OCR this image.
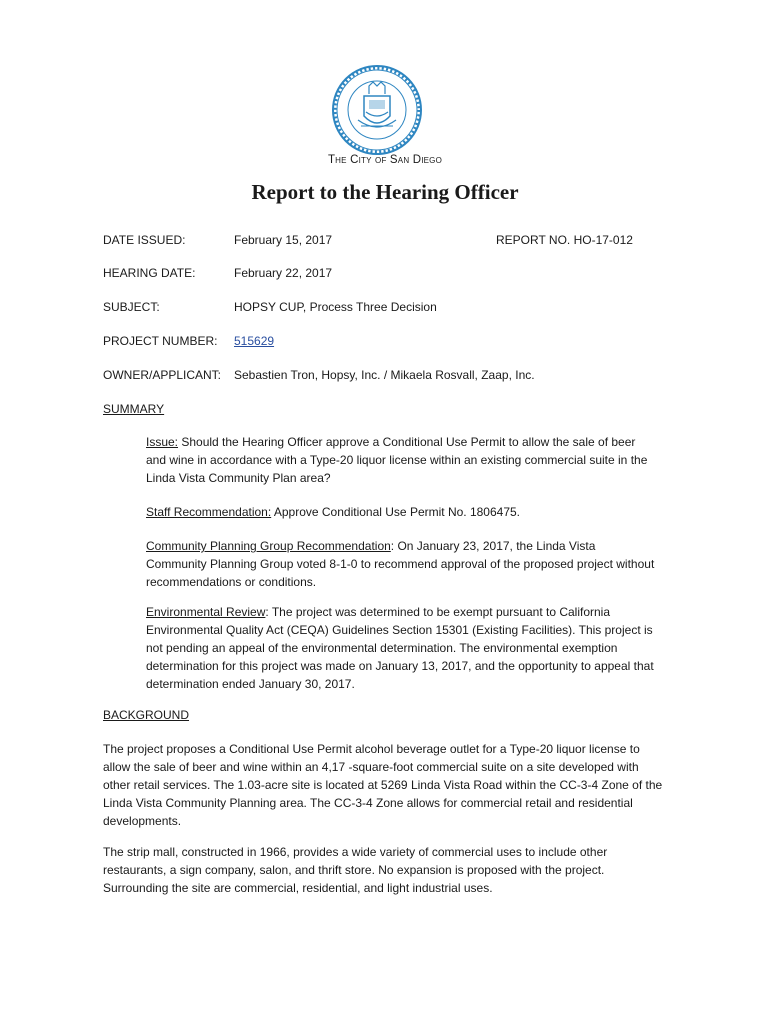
The City of San Diego
Report to the Hearing Officer
DATE ISSUED:	February 15, 2017	REPORT NO. HO-17-012
HEARING DATE:	February 22, 2017
SUBJECT:	HOPSY CUP, Process Three Decision
PROJECT NUMBER: 515629
OWNER/APPLICANT: Sebastien Tron, Hopsy, Inc. / Mikaela Rosvall, Zaap, Inc.
SUMMARY
Issue: Should the Hearing Officer approve a Conditional Use Permit to allow the sale of beer and wine in accordance with a Type-20 liquor license within an existing commercial suite in the Linda Vista Community Plan area?
Staff Recommendation: Approve Conditional Use Permit No. 1806475.
Community Planning Group Recommendation: On January 23, 2017, the Linda Vista Community Planning Group voted 8-1-0 to recommend approval of the proposed project without recommendations or conditions.
Environmental Review: The project was determined to be exempt pursuant to California Environmental Quality Act (CEQA) Guidelines Section 15301 (Existing Facilities). This project is not pending an appeal of the environmental determination. The environmental exemption determination for this project was made on January 13, 2017, and the opportunity to appeal that determination ended January 30, 2017.
BACKGROUND
The project proposes a Conditional Use Permit alcohol beverage outlet for a Type-20 liquor license to allow the sale of beer and wine within an 4,17 -square-foot commercial suite on a site developed with other retail services. The 1.03-acre site is located at 5269 Linda Vista Road within the CC-3-4 Zone of the Linda Vista Community Planning area. The CC-3-4 Zone allows for commercial retail and residential developments.
The strip mall, constructed in 1966, provides a wide variety of commercial uses to include other restaurants, a sign company, salon, and thrift store. No expansion is proposed with the project. Surrounding the site are commercial, residential, and light industrial uses.
